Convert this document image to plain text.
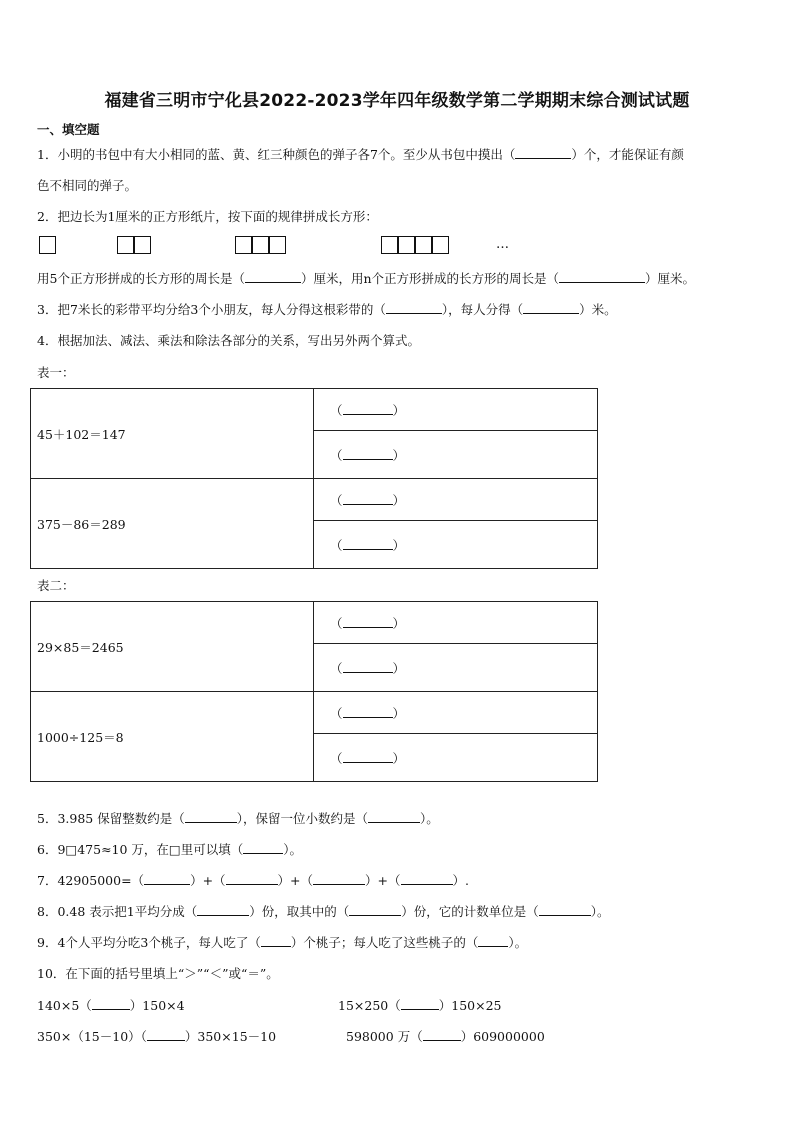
福建省三明市宁化县2022-2023学年四年级数学第二学期期末综合测试试题
一、填空题
1．小明的书包中有大小相同的蓝、黄、红三种颜色的弹子各7个。至少从书包中摸出（	）个，才能保证有颜
色不相同的弹子。
2．把边长为1厘米的正方形纸片，按下面的规律拼成长方形：
…
用5个正方形拼成的长方形的周长是（	）厘米，用n个正方形拼成的长方形的周长是（	）厘米。
3．把7米长的彩带平均分给3个小朋友，每人分得这根彩带的（	），每人分得（	）米。
4．根据加法、减法、乘法和除法各部分的关系，写出另外两个算式。
表一：
45＋102＝147	（ ）
	（ ）
375－86＝289	（ ）
	（ ）
表二：
29×85＝2465	（ ）
	（ ）
1000÷125＝8	（ ）
	（ ）
5．3.985 保留整数约是（	），保留一位小数约是（	）。
6．9□475≈10 万，在□里可以填（	）。
7．42905000=（	）+（	）+（	）+（	）.
8．0.48 表示把1平均分成（	）份，取其中的（	）份，它的计数单位是（	）。
9．4个人平均分吃3个桃子，每人吃了（ ）个桃子；每人吃了这些桃子的（ ）。
10．在下面的括号里填上“＞”“＜”或“＝”。
140×5（	）150×4	15×250（	）150×25
350×（15－10）（	）350×15－10	598000 万（	）609000000
